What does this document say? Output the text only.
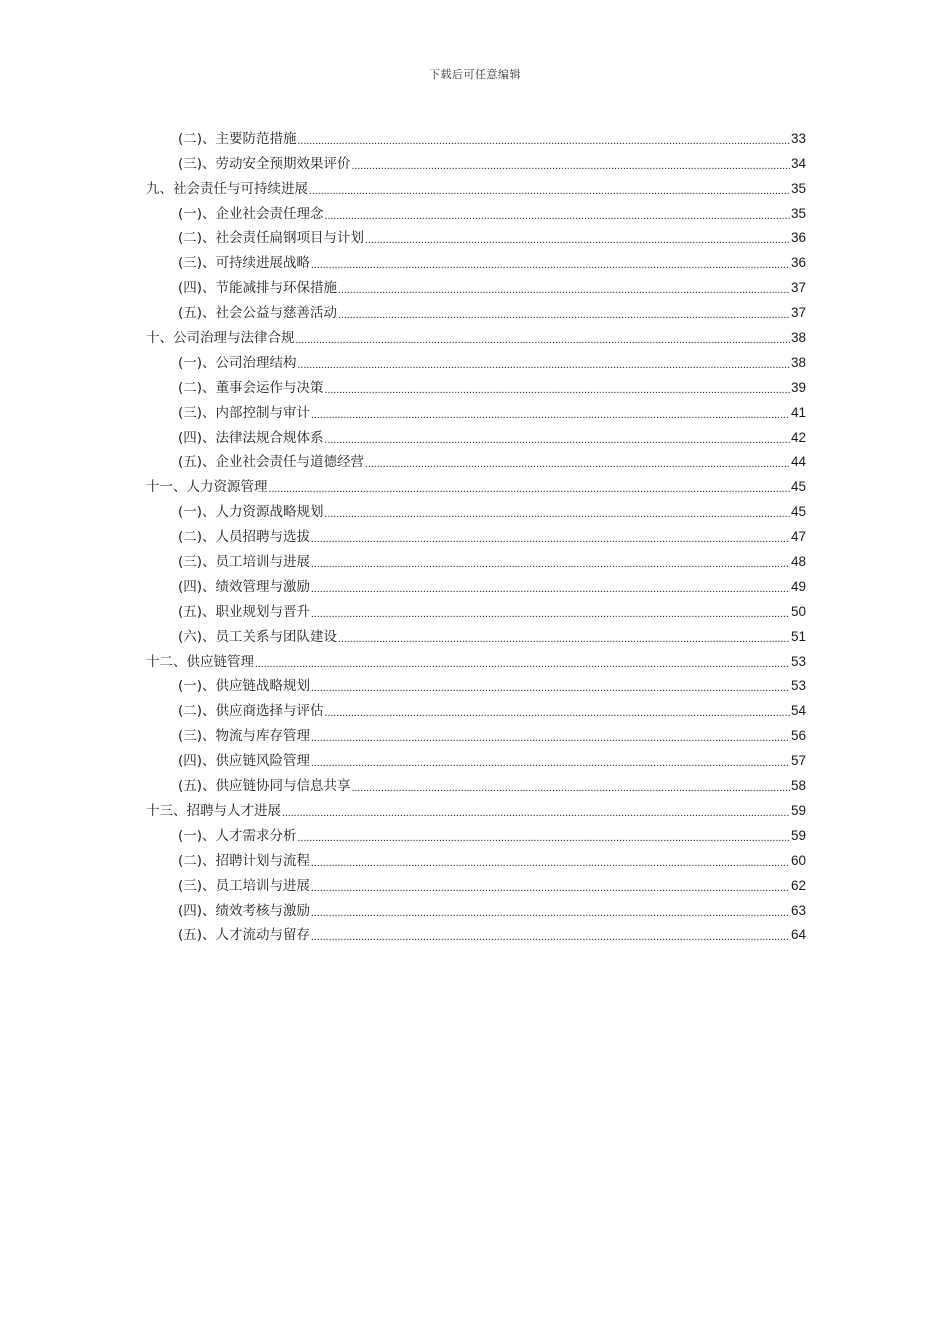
下载后可任意编辑
(二)、主要防范措施 .....	33
(三)、劳动安全预期效果评价 .....	34
九、社会责任与可持续进展 .....	35
(一)、企业社会责任理念 .....	35
(二)、社会责任扁钢项目与计划 .....	36
(三)、可持续进展战略 .....	36
(四)、节能减排与环保措施 .....	37
(五)、社会公益与慈善活动 .....	37
十、公司治理与法律合规 .....	38
(一)、公司治理结构 .....	38
(二)、董事会运作与决策 .....	39
(三)、内部控制与审计 .....	41
(四)、法律法规合规体系 .....	42
(五)、企业社会责任与道德经营 .....	44
十一、人力资源管理 .....	45
(一)、人力资源战略规划 .....	45
(二)、人员招聘与选拔 .....	47
(三)、员工培训与进展 .....	48
(四)、绩效管理与激励 .....	49
(五)、职业规划与晋升 .....	50
(六)、员工关系与团队建设 .....	51
十二、供应链管理 .....	53
(一)、供应链战略规划 .....	53
(二)、供应商选择与评估 .....	54
(三)、物流与库存管理 .....	56
(四)、供应链风险管理 .....	57
(五)、供应链协同与信息共享 .....	58
十三、招聘与人才进展 .....	59
(一)、人才需求分析 .....	59
(二)、招聘计划与流程 .....	60
(三)、员工培训与进展 .....	62
(四)、绩效考核与激励 .....	63
(五)、人才流动与留存 .....	64
